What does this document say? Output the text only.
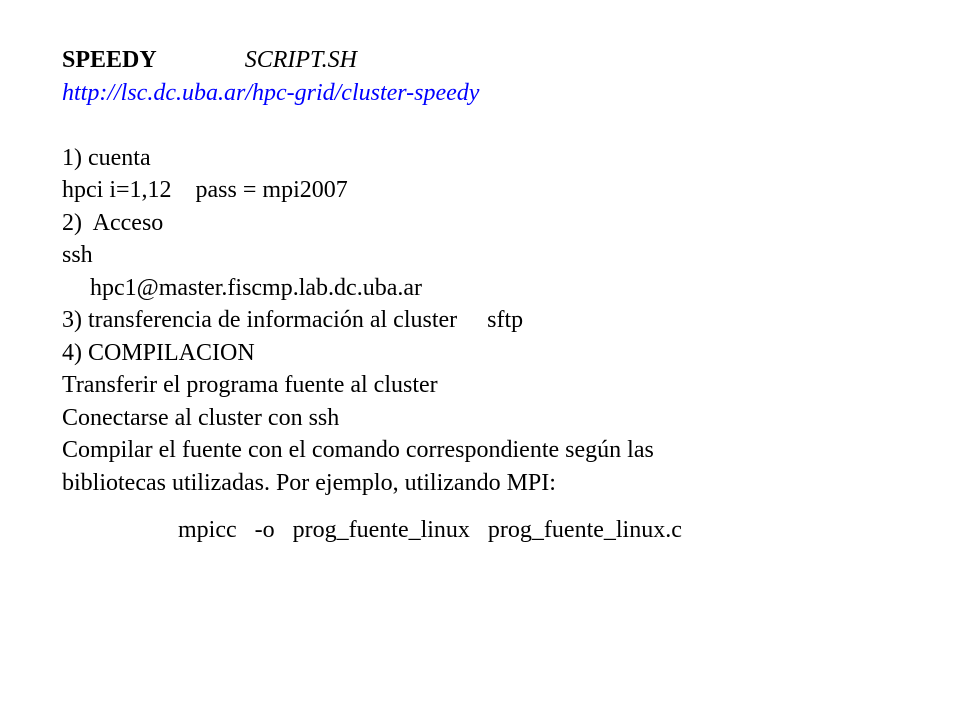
SPEEDY	SCRIPT.SH
http://lsc.dc.uba.ar/hpc-grid/cluster-speedy
1) cuenta
hpci i=1,12 pass = mpi2007
2)  Acceso
ssh
hpc1@master.fiscmp.lab.dc.uba.ar
3) transferencia de información al cluster sftp
4) COMPILACION
Transferir el programa fuente al cluster
Conectarse al cluster con ssh
Compilar el fuente con el comando correspondiente según las
bibliotecas utilizadas. Por ejemplo, utilizando MPI:
mpicc   -o   prog_fuente_linux   prog_fuente_linux.c
